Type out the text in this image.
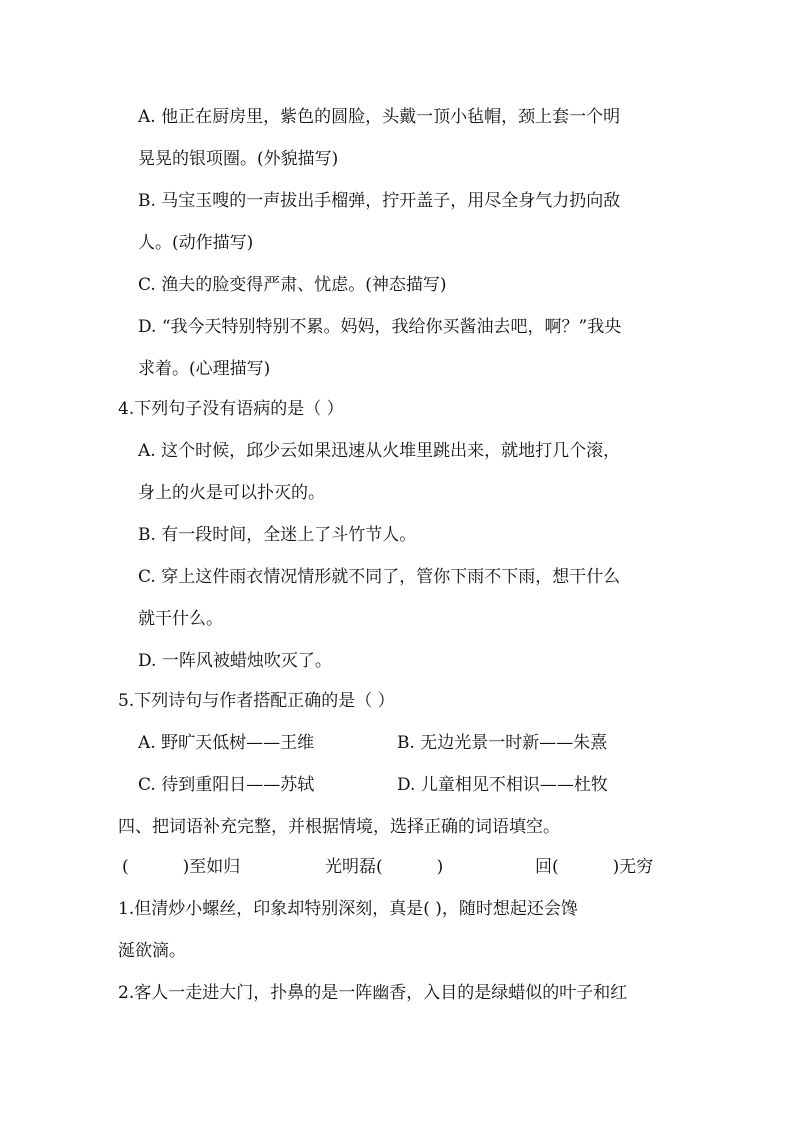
A. 他正在厨房里，紫色的圆脸，头戴一顶小毡帽，颈上套一个明
晃晃的银项圈。(外貌描写)
B. 马宝玉嗖的一声拔出手榴弹，拧开盖子，用尽全身气力扔向敌
人。(动作描写)
C. 渔夫的脸变得严肃、忧虑。(神态描写)
D. “我今天特别特别不累。妈妈，我给你买酱油去吧，啊？”我央
求着。(心理描写)
4.下列句子没有语病的是（ ）
A. 这个时候，邱少云如果迅速从火堆里跳出来，就地打几个滚，
身上的火是可以扑灭的。
B. 有一段时间，全迷上了斗竹节人。
C. 穿上这件雨衣情况情形就不同了，管你下雨不下雨，想干什么
就干什么。
D. 一阵风被蜡烛吹灭了。
5.下列诗句与作者搭配正确的是（ ）
A. 野旷天低树——王维	B. 无边光景一时新——朱熹
C. 待到重阳日——苏轼	D. 儿童相见不相识——杜牧
四、把词语补充完整，并根据情境，选择正确的词语填空。
(          )至如归	光明磊(          )	回(          )无穷
1.但清炒小螺丝，印象却特别深刻，真是( )，随时想起还会馋
涎欲滴。
2.客人一走进大门，扑鼻的是一阵幽香，入目的是绿蜡似的叶子和红
